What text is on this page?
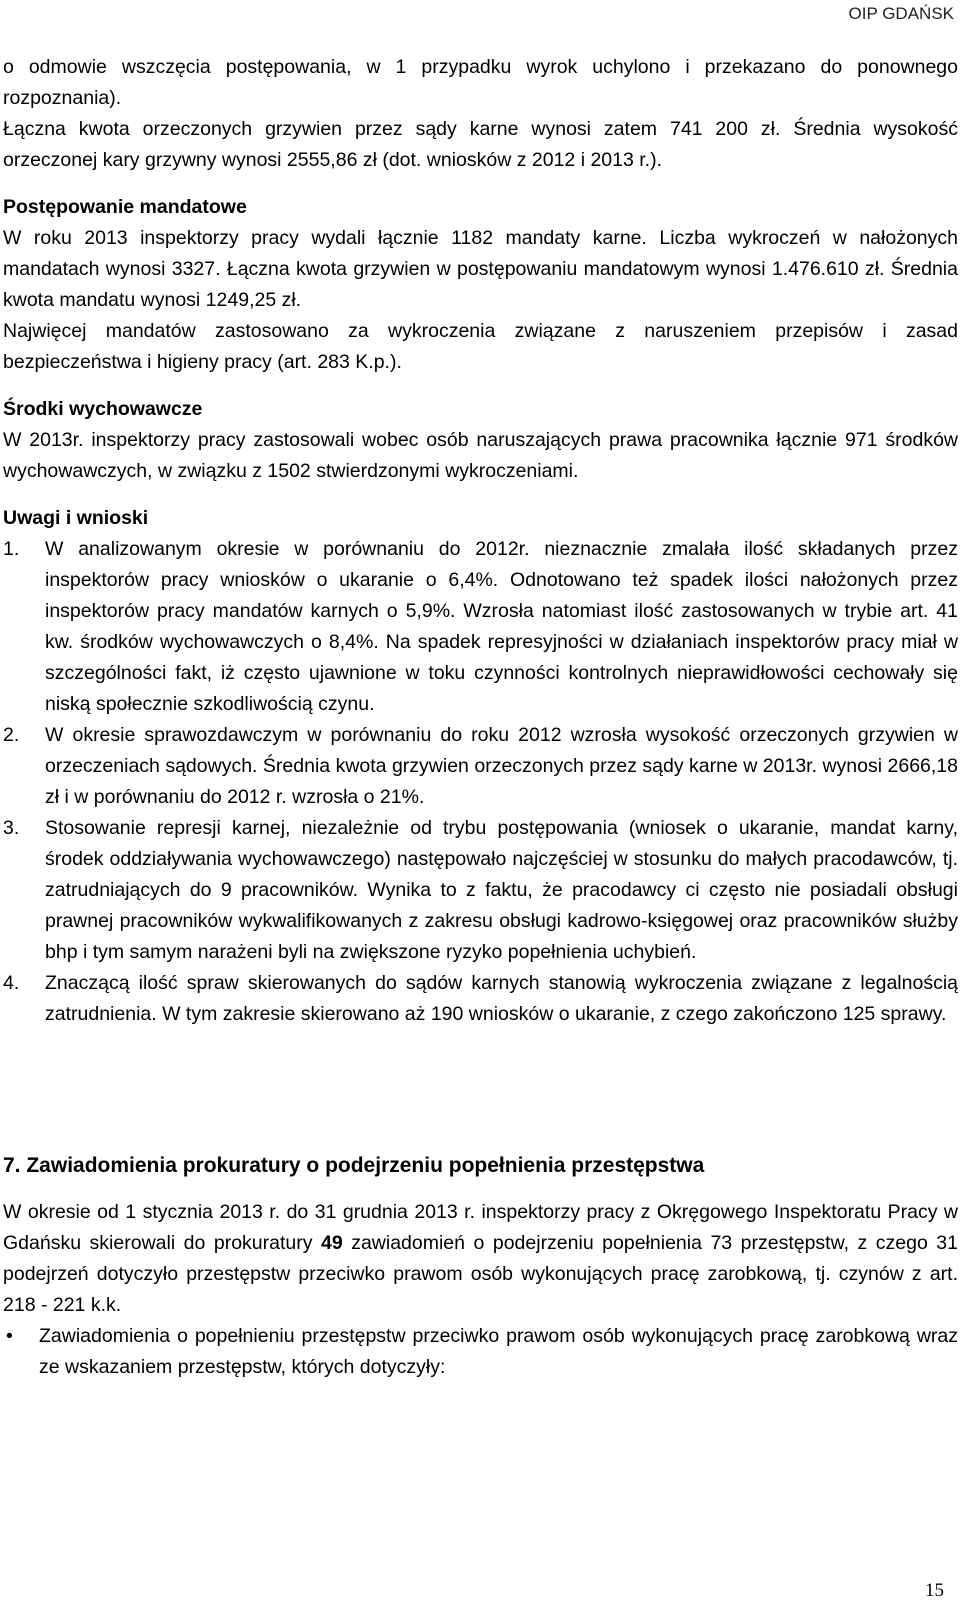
OIP GDAŃSK

o odmowie wszczęcia postępowania, w 1 przypadku wyrok uchylono i przekazano do ponownego rozpoznania).

Łączna kwota orzeczonych grzywien przez sądy karne wynosi zatem 741 200 zł. Średnia wysokość orzeczonej kary grzywny wynosi 2555,86 zł (dot. wniosków z 2012 i 2013 r.).

Postępowanie mandatowe

W roku 2013 inspektorzy pracy wydali łącznie 1182 mandaty karne. Liczba wykroczeń w nałożonych mandatach wynosi 3327. Łączna kwota grzywien w postępowaniu mandatowym wynosi 1.476.610 zł. Średnia kwota mandatu wynosi 1249,25 zł.

Najwięcej mandatów zastosowano za wykroczenia związane z naruszeniem przepisów i zasad bezpieczeństwa i higieny pracy (art. 283 K.p.).

Środki wychowawcze

W 2013r. inspektorzy pracy zastosowali wobec osób naruszających prawa pracownika łącznie 971 środków wychowawczych, w związku z 1502 stwierdzonymi wykroczeniami.

Uwagi i wnioski

1. W analizowanym okresie w porównaniu do 2012r. nieznacznie zmalała ilość składanych przez inspektorów pracy wniosków o ukaranie o 6,4%. Odnotowano też spadek ilości nałożonych przez inspektorów pracy mandatów karnych o 5,9%. Wzrosła natomiast ilość zastosowanych w trybie art. 41 kw. środków wychowawczych o 8,4%. Na spadek represyjności w działaniach inspektorów pracy miał w szczególności fakt, iż często ujawnione w toku czynności kontrolnych nieprawidłowości cechowały się niską społecznie szkodliwością czynu.
2. W okresie sprawozdawczym w porównaniu do roku 2012 wzrosła wysokość orzeczonych grzywien w orzeczeniach sądowych. Średnia kwota grzywien orzeczonych przez sądy karne w 2013r. wynosi 2666,18 zł i w porównaniu do 2012 r. wzrosła o 21%.
3. Stosowanie represji karnej, niezależnie od trybu postępowania (wniosek o ukaranie, mandat karny, środek oddziaływania wychowawczego) następowało najczęściej w stosunku do małych pracodawców, tj. zatrudniających do 9 pracowników. Wynika to z faktu, że pracodawcy ci często nie posiadali obsługi prawnej pracowników wykwalifikowanych z zakresu obsługi kadrowo-księgowej oraz pracowników służby bhp i tym samym narażeni byli na zwiększone ryzyko popełnienia uchybień.
4. Znaczącą ilość spraw skierowanych do sądów karnych stanowią wykroczenia związane z legalnością zatrudnienia. W tym zakresie skierowano aż 190 wniosków o ukaranie, z czego zakończono 125 sprawy.

7. Zawiadomienia prokuratury o podejrzeniu popełnienia przestępstwa

W okresie od 1 stycznia 2013 r. do 31 grudnia 2013 r. inspektorzy pracy z Okręgowego Inspektoratu Pracy w Gdańsku skierowali do prokuratury 49 zawiadomień o podejrzeniu popełnienia 73 przestępstw, z czego 31 podejrzeń dotyczyło przestępstw przeciwko prawom osób wykonujących pracę zarobkową, tj. czynów z art. 218 - 221 k.k.

• Zawiadomienia o popełnieniu przestępstw przeciwko prawom osób wykonujących pracę zarobkową wraz ze wskazaniem przestępstw, których dotyczyły:
15
